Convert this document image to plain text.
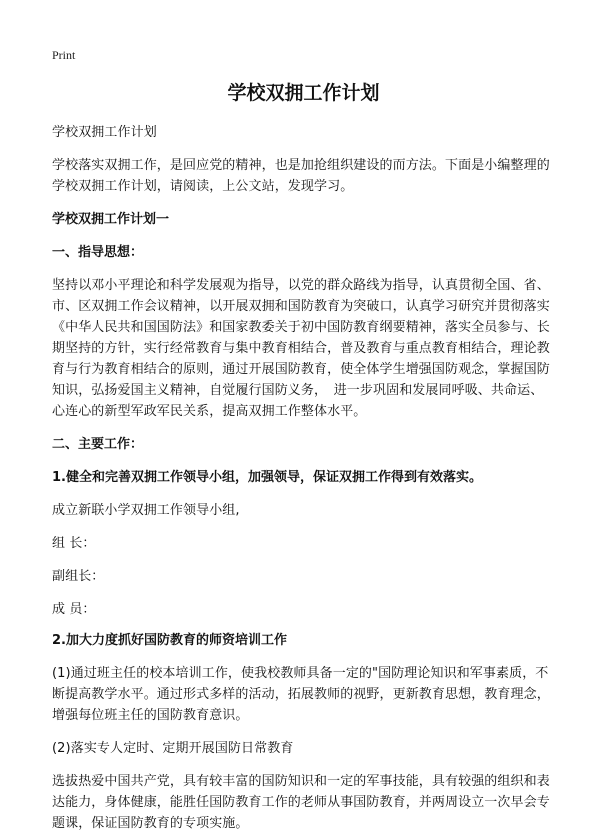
Print
学校双拥工作计划
学校双拥工作计划
学校落实双拥工作，是回应党的精神，也是加抢组织建设的而方法。下面是小编整理的学校双拥工作计划，请阅读，上公文站，发现学习。
学校双拥工作计划一
一、指导思想：
坚持以邓小平理论和科学发展观为指导，以党的群众路线为指导，认真贯彻全国、省、市、区双拥工作会议精神，以开展双拥和国防教育为突破口，认真学习研究并贯彻落实《中华人民共和国国防法》和国家教委关于初中国防教育纲要精神，落实全员参与、长期坚持的方针，实行经常教育与集中教育相结合，普及教育与重点教育相结合，理论教育与行为教育相结合的原则，通过开展国防教育，使全体学生增强国防观念，掌握国防知识，弘扬爱国主义精神，自觉履行国防义务，　进一步巩固和发展同呼吸、共命运、心连心的新型军政军民关系，提高双拥工作整体水平。
二、主要工作：
1.健全和完善双拥工作领导小组，加强领导，保证双拥工作得到有效落实。
成立新联小学双拥工作领导小组,
组 长：
副组长：
成 员：
2.加大力度抓好国防教育的师资培训工作
(1)通过班主任的校本培训工作，使我校教师具备一定的"国防理论知识和军事素质，不断提高教学水平。通过形式多样的活动，拓展教师的视野，更新教育思想，教育理念，增强每位班主任的国防教育意识。
(2)落实专人定时、定期开展国防日常教育
选拔热爱中国共产党，具有较丰富的国防知识和一定的军事技能，具有较强的组织和表达能力，身体健康，能胜任国防教育工作的老师从事国防教育，并两周设立一次早会专题课，保证国防教育的专项实施。
